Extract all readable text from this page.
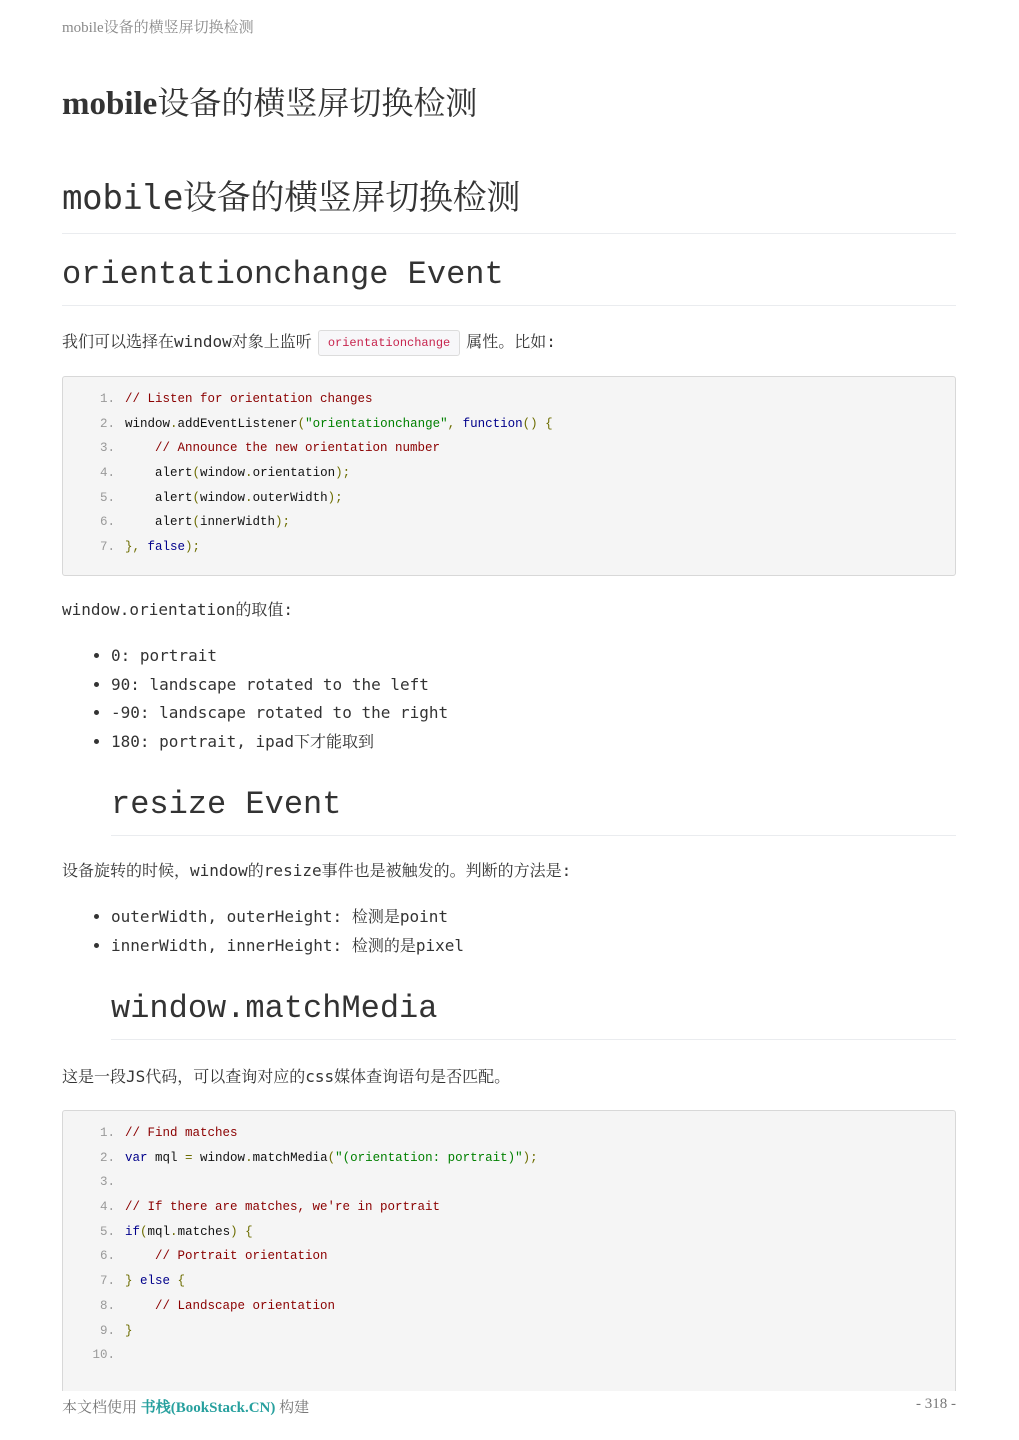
mobile设备的横竖屏切换检测
mobile设备的横竖屏切换检测
mobile设备的横竖屏切换检测
orientationchange Event

我们可以选择在window对象上监听 orientationchange 属性。比如:

1. // Listen for orientation changes
2. window.addEventListener("orientationchange", function() {
3.	// Announce the new orientation number
4. alert(window.orientation);
5. alert(window.outerWidth);
6. alert(innerWidth);
7. }, false);

window.orientation的取值:

• 0: portrait
• 90: landscape rotated to the left
• -90: landscape rotated to the right
• 180: portrait, ipad下才能取到
resize Event

设备旋转的时候，window的resize事件也是被触发的。判断的方法是:

• outerWidth, outerHeight: 检测是point
• innerWidth, innerHeight: 检测的是pixel
window.matchMedia

这是一段JS代码，可以查询对应的css媒体查询语句是否匹配。

1. // Find matches
2. var mql = window.matchMedia("(orientation: portrait)");
3.
4. // If there are matches, we're in portrait
5. if(mql.matches) {
6.	// Portrait orientation
7. } else {
8.	// Landscape orientation
9. }
10.
本文档使用 书栈(BookStack.CN) 构建	- 318 -
